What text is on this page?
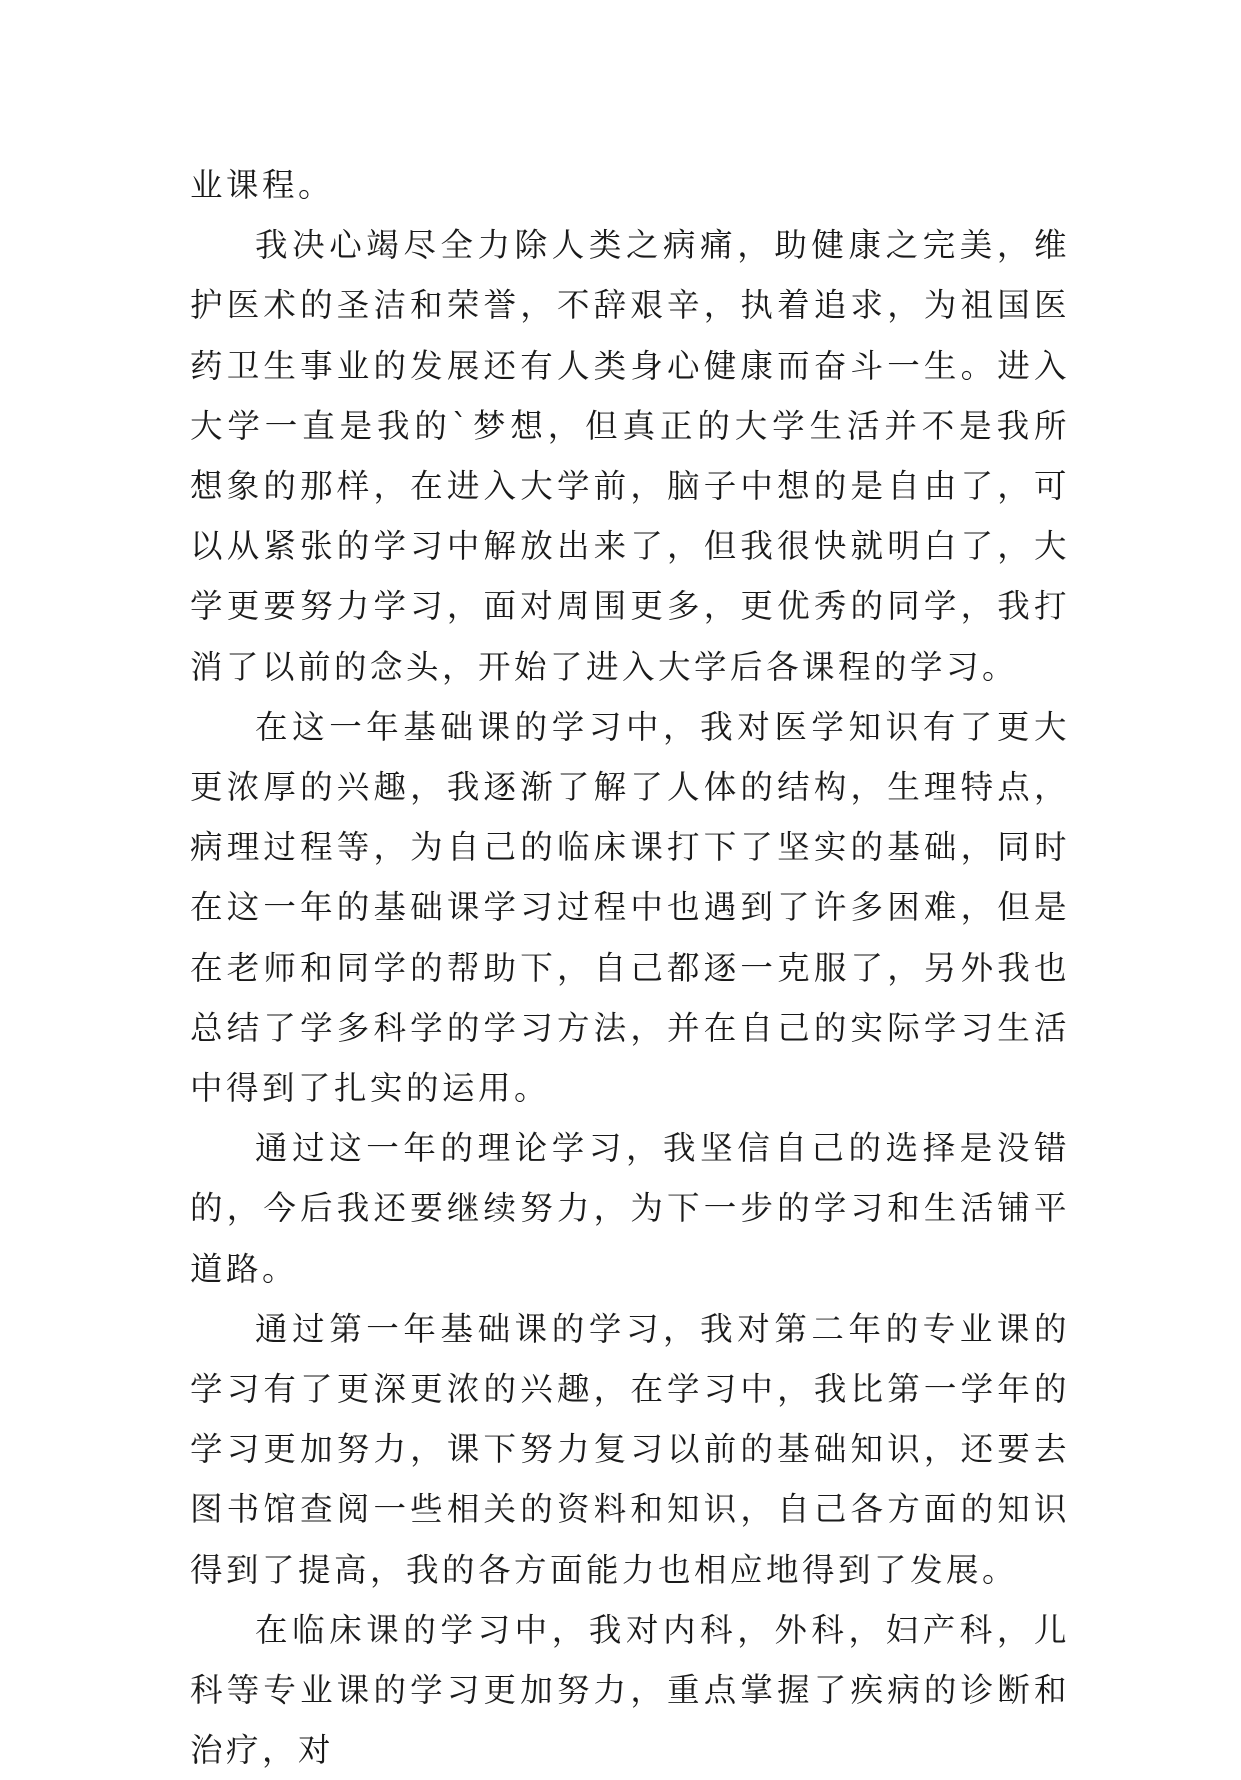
业课程。

我决心竭尽全力除人类之病痛，助健康之完美，维护医术的圣洁和荣誉，不辞艰辛，执着追求，为祖国医药卫生事业的发展还有人类身心健康而奋斗一生。进入大学一直是我的`梦想，但真正的大学生活并不是我所想象的那样，在进入大学前，脑子中想的是自由了，可以从紧张的学习中解放出来了，但我很快就明白了，大学更要努力学习，面对周围更多，更优秀的同学，我打消了以前的念头，开始了进入大学后各课程的学习。

在这一年基础课的学习中，我对医学知识有了更大更浓厚的兴趣，我逐渐了解了人体的结构，生理特点，病理过程等，为自己的临床课打下了坚实的基础，同时在这一年的基础课学习过程中也遇到了许多困难，但是在老师和同学的帮助下，自己都逐一克服了，另外我也总结了学多科学的学习方法，并在自己的实际学习生活中得到了扎实的运用。

通过这一年的理论学习，我坚信自己的选择是没错的，今后我还要继续努力，为下一步的学习和生活铺平道路。

通过第一年基础课的学习，我对第二年的专业课的学习有了更深更浓的兴趣，在学习中，我比第一学年的学习更加努力，课下努力复习以前的基础知识，还要去图书馆查阅一些相关的资料和知识，自己各方面的知识得到了提高，我的各方面能力也相应地得到了发展。

在临床课的学习中，我对内科，外科，妇产科，儿科等专业课的学习更加努力，重点掌握了疾病的诊断和治疗，对
